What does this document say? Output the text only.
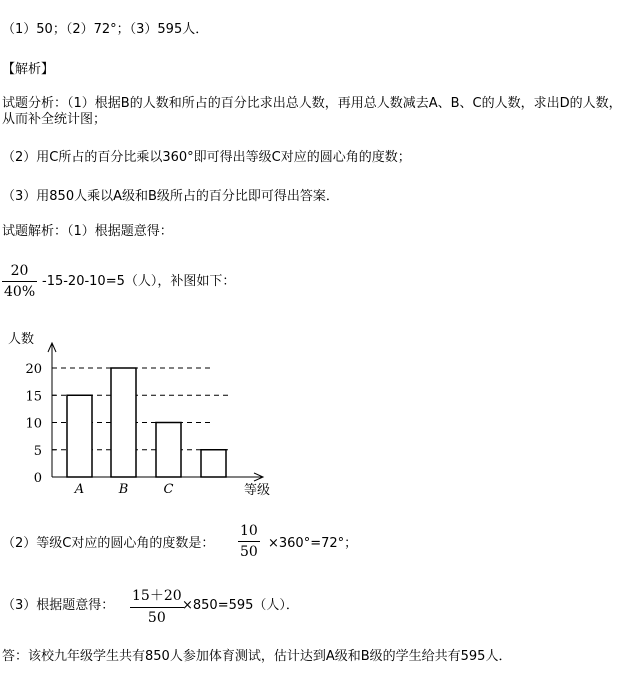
（1）50；（2）72°；（3）595人．
【解析】
试题分析：（1）根据B的人数和所占的百分比求出总人数，再用总人数减去A、B、C的人数，求出D的人数，从而补全统计图；
（2）用C所占的百分比乘以360°即可得出等级C对应的圆心角的度数；
（3）用850人乘以A级和B级所占的百分比即可得出答案．
试题解析：（1）根据题意得：
20
40%
-15-20-10=5（人），补图如下：
0
5
10
15
20
A	B	C
人数
等级
（2）等级C对应的圆心角的度数是：
10
50
×360°=72°；
（3）根据题意得：
15＋20
50
×850=595（人）．
答：该校九年级学生共有850人参加体育测试，估计达到A级和B级的学生给共有595人．
